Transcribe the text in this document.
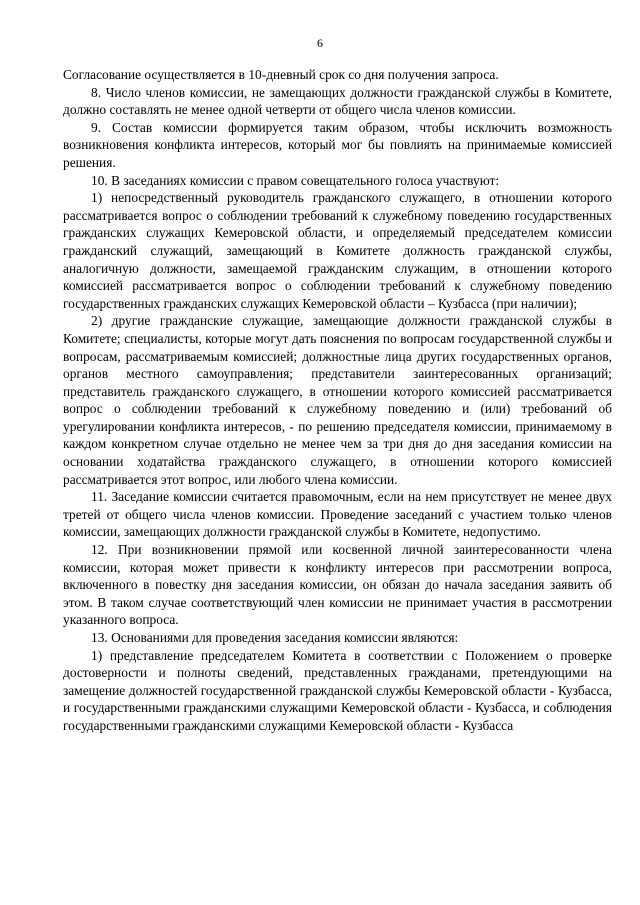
6

Согласование осуществляется в 10-дневный срок со дня получения запроса.

8. Число членов комиссии, не замещающих должности гражданской службы в Комитете, должно составлять не менее одной четверти от общего числа членов комиссии.

9. Состав комиссии формируется таким образом, чтобы исключить возможность возникновения конфликта интересов, который мог бы повлиять на принимаемые комиссией решения.

10. В заседаниях комиссии с правом совещательного голоса участвуют:

1) непосредственный руководитель гражданского служащего, в отношении которого рассматривается вопрос о соблюдении требований к служебному поведению государственных гражданских служащих Кемеровской области, и определяемый председателем комиссии гражданский служащий, замещающий в Комитете должность гражданской службы, аналогичную должности, замещаемой гражданским служащим, в отношении которого комиссией рассматривается вопрос о соблюдении требований к служебному поведению государственных гражданских служащих Кемеровской области – Кузбасса (при наличии);

2) другие гражданские служащие, замещающие должности гражданской службы в Комитете; специалисты, которые могут дать пояснения по вопросам государственной службы и вопросам, рассматриваемым комиссией; должностные лица других государственных органов, органов местного самоуправления; представители заинтересованных организаций; представитель гражданского служащего, в отношении которого комиссией рассматривается вопрос о соблюдении требований к служебному поведению и (или) требований об урегулировании конфликта интересов, - по решению председателя комиссии, принимаемому в каждом конкретном случае отдельно не менее чем за три дня до дня заседания комиссии на основании ходатайства гражданского служащего, в отношении которого комиссией рассматривается этот вопрос, или любого члена комиссии.

11. Заседание комиссии считается правомочным, если на нем присутствует не менее двух третей от общего числа членов комиссии. Проведение заседаний с участием только членов комиссии, замещающих должности гражданской службы в Комитете, недопустимо.

12. При возникновении прямой или косвенной личной заинтересованности члена комиссии, которая может привести к конфликту интересов при рассмотрении вопроса, включенного в повестку дня заседания комиссии, он обязан до начала заседания заявить об этом. В таком случае соответствующий член комиссии не принимает участия в рассмотрении указанного вопроса.

13. Основаниями для проведения заседания комиссии являются:

1) представление председателем Комитета в соответствии с Положением о проверке достоверности и полноты сведений, представленных гражданами, претендующими на замещение должностей государственной гражданской службы Кемеровской области - Кузбасса, и государственными гражданскими служащими Кемеровской области - Кузбасса, и соблюдения государственными гражданскими служащими Кемеровской области - Кузбасса
